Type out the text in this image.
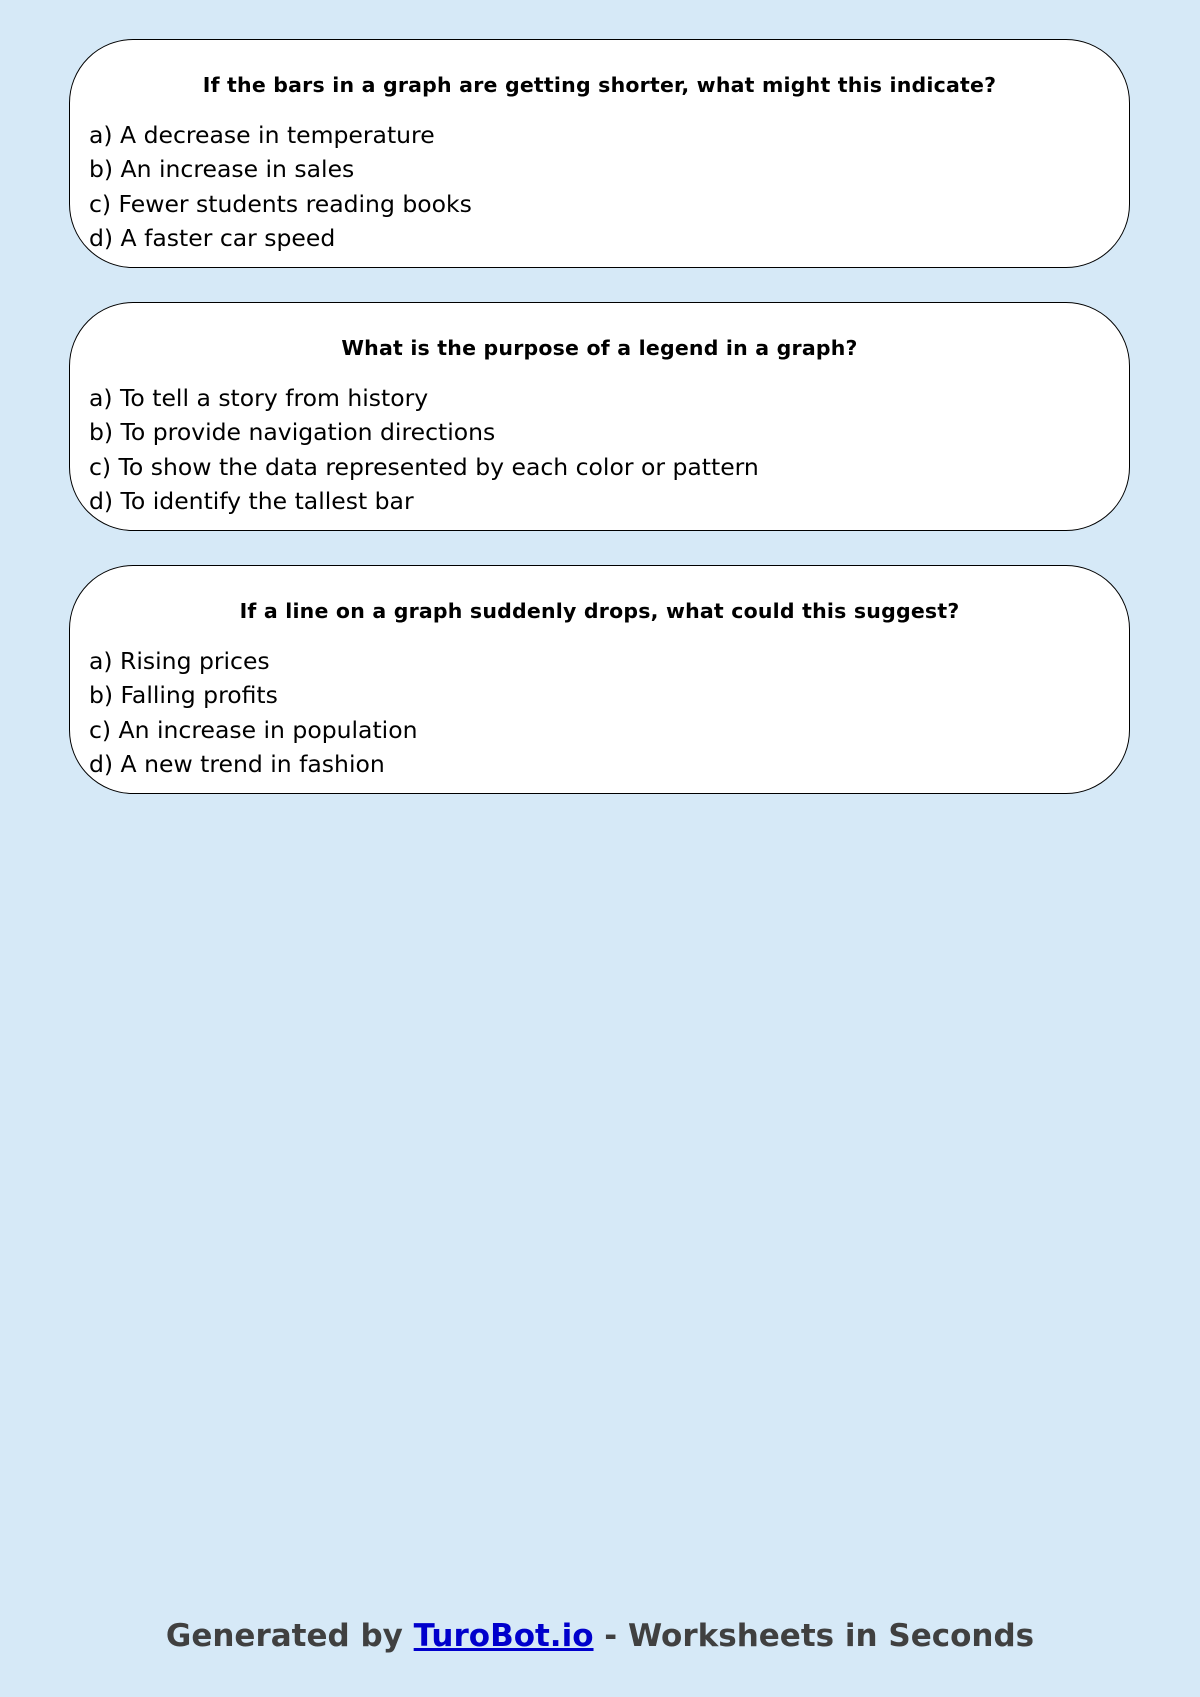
If the bars in a graph are getting shorter, what might this indicate?
a) A decrease in temperature
b) An increase in sales
c) Fewer students reading books
d) A faster car speed
What is the purpose of a legend in a graph?
a) To tell a story from history
b) To provide navigation directions
c) To show the data represented by each color or pattern
d) To identify the tallest bar
If a line on a graph suddenly drops, what could this suggest?
a) Rising prices
b) Falling profits
c) An increase in population
d) A new trend in fashion
Generated by TuroBot.io - Worksheets in Seconds
